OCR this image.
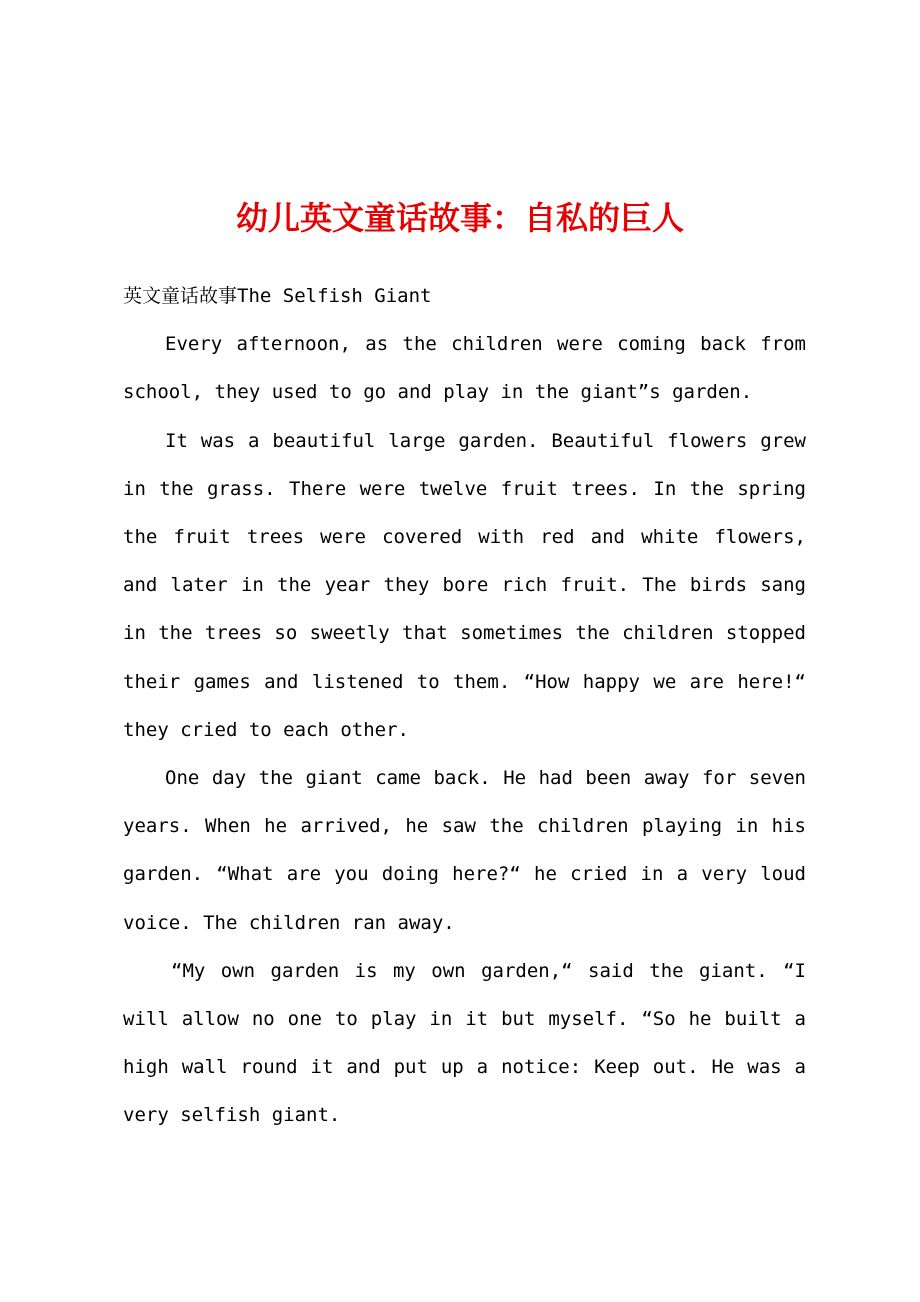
幼儿英文童话故事：自私的巨人

英文童话故事The Selfish Giant

Every afternoon, as the children were coming back from school, they used to go and play in the giant”s garden.

It was a beautiful large garden. Beautiful flowers grew in the grass. There were twelve fruit trees. In the spring the fruit trees were covered with red and white flowers, and later in the year they bore rich fruit. The birds sang in the trees so sweetly that sometimes the children stopped their games and listened to them. “How happy we are here!“ they cried to each other.

One day the giant came back. He had been away for seven years. When he arrived, he saw the children playing in his garden. “What are you doing here?“ he cried in a very loud voice. The children ran away.

“My own garden is my own garden,“ said the giant. “I will allow no one to play in it but myself. “So he built a high wall round it and put up a notice: Keep out. He was a very selfish giant.
